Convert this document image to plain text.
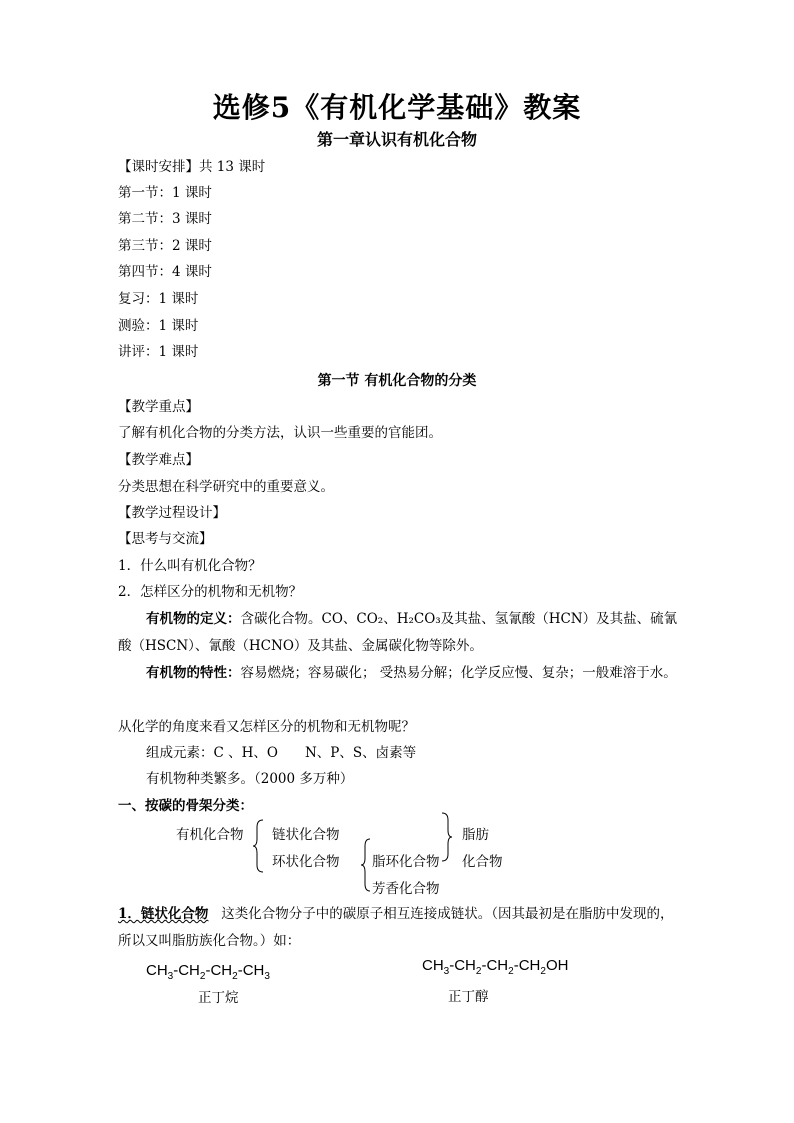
选修5《有机化学基础》教案
第一章认识有机化合物
【课时安排】共 13 课时
第一节：1 课时
第二节：3 课时
第三节：2 课时
第四节：4 课时
复习：1 课时
测验：1 课时
讲评：1 课时
第一节 有机化合物的分类
【教学重点】
了解有机化合物的分类方法，认识一些重要的官能团。
【教学难点】
分类思想在科学研究中的重要意义。
【教学过程设计】
【思考与交流】
1．什么叫有机化合物？
2．怎样区分的机物和无机物？
有机物的定义：含碳化合物。CO、CO₂、H₂CO₃及其盐、氢氰酸（HCN）及其盐、硫氰酸（HSCN）、氰酸（HCNO）及其盐、金属碳化物等除外。
有机物的特性：容易燃烧；容易碳化； 受热易分解；化学反应慢、复杂；一般难溶于水。
从化学的角度来看又怎样区分的机物和无机物呢？
组成元素：C 、H、O　　N、P、S、卤素等
有机物种类繁多。（2000 多万种）
一、按碳的骨架分类：
有机化合物 链状化合物
环状化合物 脂环化合物
芳香化合物
脂肪
化合物
1．链状化合物 这类化合物分子中的碳原子相互连接成链状。（因其最初是在脂肪中发现的，所以又叫脂肪族化合物。）如：
$CH_3-CH_2-CH_2-CH_3$
正丁烷
$CH_3-CH_2-CH_2-CH_2OH$
正丁醇
